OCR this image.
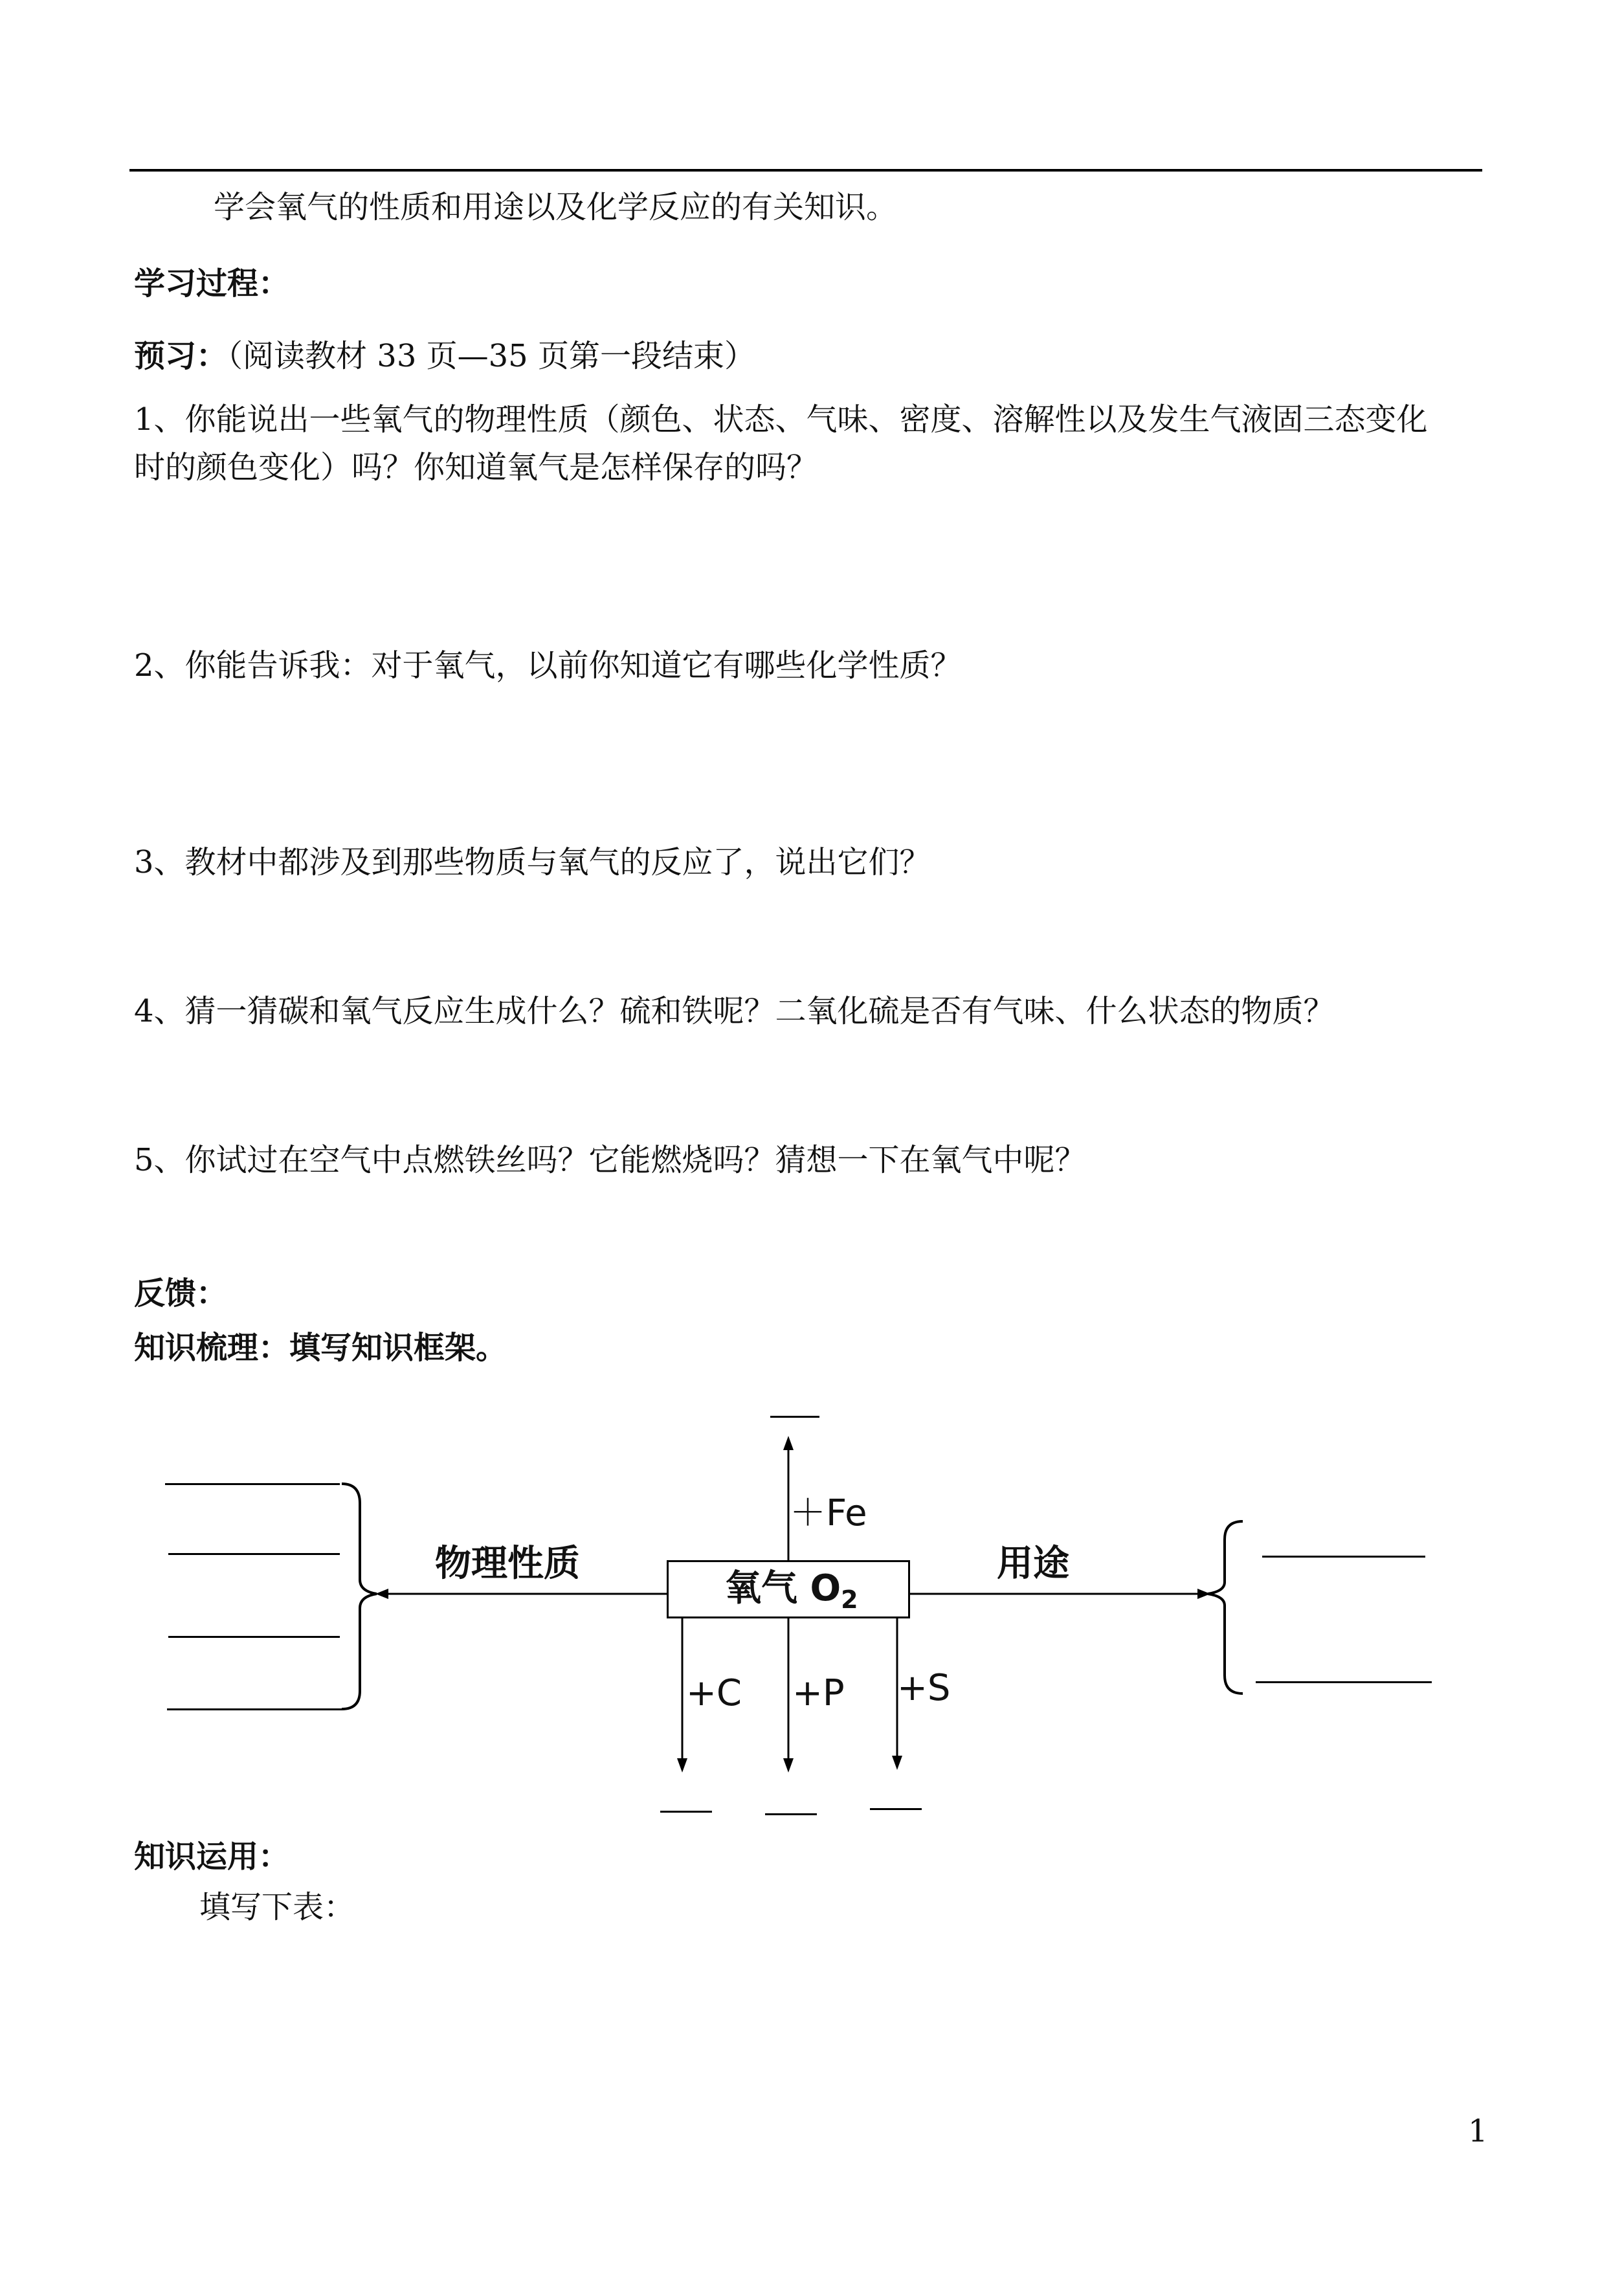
学会氧气的性质和用途以及化学反应的有关知识。
学习过程：
预习：（阅读教材 33 页—35 页第一段结束）
1、你能说出一些氧气的物理性质（颜色、状态、气味、密度、溶解性以及发生气液固三态变化
时的颜色变化）吗？你知道氧气是怎样保存的吗？
2、你能告诉我：对于氧气，以前你知道它有哪些化学性质？
3、教材中都涉及到那些物质与氧气的反应了，说出它们？
4、猜一猜碳和氧气反应生成什么？硫和铁呢？二氧化硫是否有气味、什么状态的物质？
5、你试过在空气中点燃铁丝吗？它能燃烧吗？猜想一下在氧气中呢？
反馈：
知识梳理：填写知识框架。
氧气 $O_2$
物理性质	用途
＋Fe
+C +P +S
知识运用：
填写下表：
1
